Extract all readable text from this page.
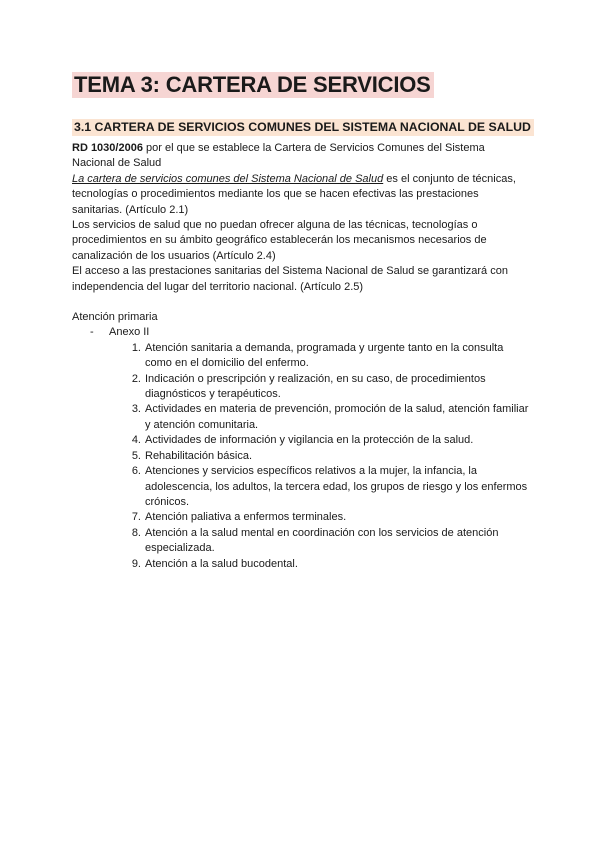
TEMA 3: CARTERA DE SERVICIOS
3.1 CARTERA DE SERVICIOS COMUNES DEL SISTEMA NACIONAL DE SALUD

RD 1030/2006 por el que se establece la Cartera de Servicios Comunes del Sistema Nacional de Salud

La cartera de servicios comunes del Sistema Nacional de Salud es el conjunto de técnicas, tecnologías o procedimientos mediante los que se hacen efectivas las prestaciones sanitarias. (Artículo 2.1)

Los servicios de salud que no puedan ofrecer alguna de las técnicas, tecnologías o procedimientos en su ámbito geográfico establecerán los mecanismos necesarios de canalización de los usuarios (Artículo 2.4)

El acceso a las prestaciones sanitarias del Sistema Nacional de Salud se garantizará con independencia del lugar del territorio nacional. (Artículo 2.5)

Atención primaria

- Anexo II
1. Atención sanitaria a demanda, programada y urgente tanto en la consulta como en el domicilio del enfermo.
2. Indicación o prescripción y realización, en su caso, de procedimientos diagnósticos y terapéuticos.
3. Actividades en materia de prevención, promoción de la salud, atención familiar y atención comunitaria.
4. Actividades de información y vigilancia en la protección de la salud.
5. Rehabilitación básica.
6. Atenciones y servicios específicos relativos a la mujer, la infancia, la adolescencia, los adultos, la tercera edad, los grupos de riesgo y los enfermos crónicos.
7. Atención paliativa a enfermos terminales.
8. Atención a la salud mental en coordinación con los servicios de atención especializada.
9. Atención a la salud bucodental.
